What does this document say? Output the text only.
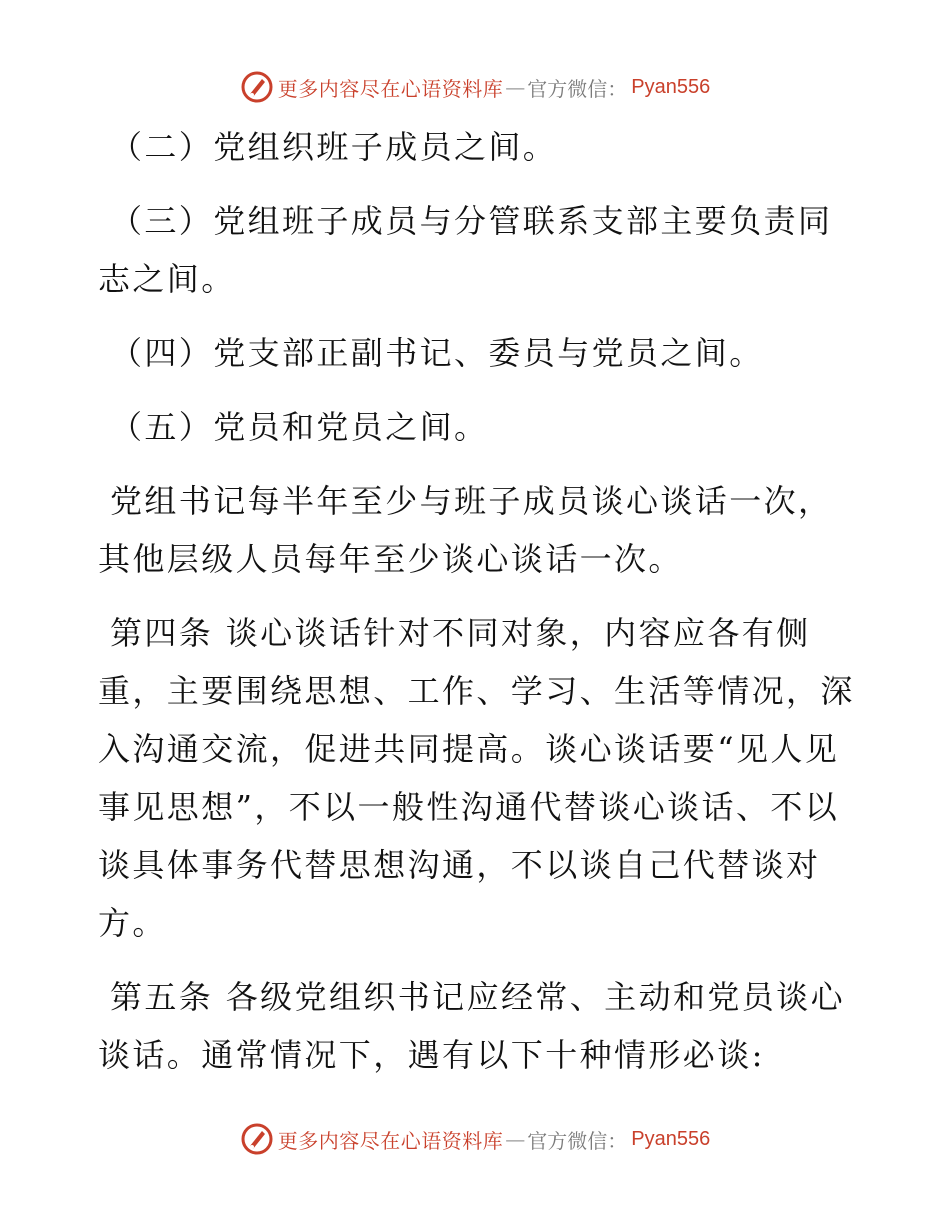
更多内容尽在心语资料库 — 官方微信： Pyan556

（二）党组织班子成员之间。

（三）党组班子成员与分管联系支部主要负责同志之间。

（四）党支部正副书记、委员与党员之间。

（五）党员和党员之间。

党组书记每半年至少与班子成员谈心谈话一次，其他层级人员每年至少谈心谈话一次。

第四条 谈心谈话针对不同对象，内容应各有侧重，主要围绕思想、工作、学习、生活等情况，深入沟通交流，促进共同提高。谈心谈话要“见人见事见思想”，不以一般性沟通代替谈心谈话、不以谈具体事务代替思想沟通，不以谈自己代替谈对方。

第五条 各级党组织书记应经常、主动和党员谈心谈话。通常情况下，遇有以下十种情形必谈:

更多内容尽在心语资料库 — 官方微信： Pyan556
